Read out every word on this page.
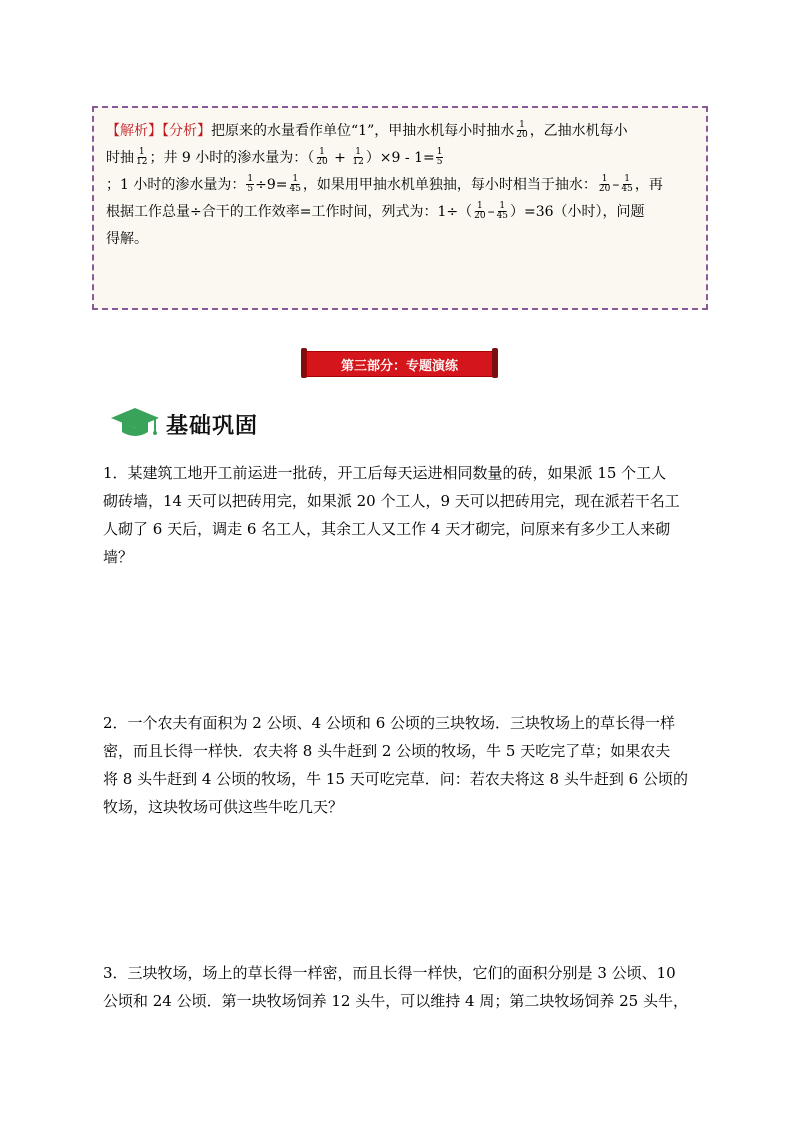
【解析】【分析】把原来的水量看作单位“1”，甲抽水机每小时抽水 $\frac{1}{20}$ ，乙抽水机每小
时抽 $\frac{1}{12}$ ；井 9 小时的渗水量为：（ $\frac{1}{20} + \frac{1}{12} )\times 9 - 1= \frac{1}{5}$
；1 小时的渗水量为： $\frac{1}{5} \div 9= \frac{1}{45}$ ，如果用甲抽水机单独抽，每小时相当于抽水： $\frac{1}{20} - \frac{1}{45}$ ，再
根据工作总量÷合干的工作效率=工作时间，列式为：$1\div( \frac{1}{20} - \frac{1}{45} )=36$（小时），问题
得解。
第三部分：专题演练
基础巩固
1．某建筑工地开工前运进一批砖，开工后每天运进相同数量的砖，如果派 15 个工人
砌砖墙，14 天可以把砖用完，如果派 20 个工人，9 天可以把砖用完，现在派若干名工
人砌了 6 天后，调走 6 名工人，其余工人又工作 4 天才砌完，问原来有多少工人来砌
墙？
2．一个农夫有面积为 2 公顷、4 公顷和 6 公顷的三块牧场．三块牧场上的草长得一样
密，而且长得一样快．农夫将 8 头牛赶到 2 公顷的牧场，牛 5 天吃完了草；如果农夫
将 8 头牛赶到 4 公顷的牧场，牛 15 天可吃完草．问：若农夫将这 8 头牛赶到 6 公顷的
牧场，这块牧场可供这些牛吃几天？
3．三块牧场，场上的草长得一样密，而且长得一样快，它们的面积分别是 3 公顷、10
公顷和 24 公顷．第一块牧场饲养 12 头牛，可以维持 4 周；第二块牧场饲养 25 头牛，
